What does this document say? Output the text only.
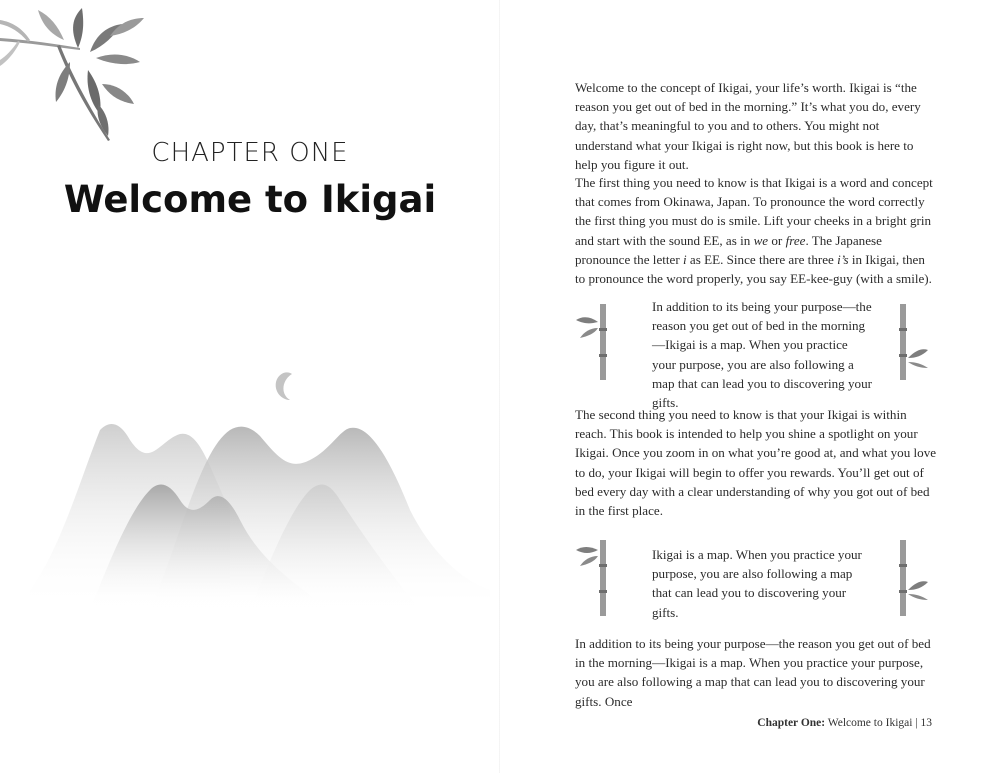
CHAPTER ONE
Welcome to Ikigai

Welcome to the concept of Ikigai, your life’s worth. Ikigai is “the reason you get out of bed in the morning.” It’s what you do, every day, that’s meaningful to you and to others. You might not understand what your Ikigai is right now, but this book is here to help you figure it out.

The first thing you need to know is that Ikigai is a word and concept that comes from Okinawa, Japan. To pronounce the word correctly the first thing you must do is smile. Lift your cheeks in a bright grin and start with the sound EE, as in we or free. The Japanese pronounce the letter i as EE. Since there are three i’s in Ikigai, then to pronounce the word properly, you say EE-kee-guy (with a smile).

In addition to its being your purpose—the reason you get out of bed in the morning—Ikigai is a map. When you practice your purpose, you are also following a map that can lead you to discovering your gifts.

The second thing you need to know is that your Ikigai is within reach. This book is intended to help you shine a spotlight on your Ikigai. Once you zoom in on what you’re good at, and what you love to do, your Ikigai will begin to offer you rewards. You’ll get out of bed every day with a clear understanding of why you got out of bed in the first place.

Ikigai is a map. When you practice your purpose, you are also following a map that can lead you to discovering your gifts.

In addition to its being your purpose—the reason you get out of bed in the morning—Ikigai is a map. When you practice your purpose, you are also following a map that can lead you to discovering your gifts. Once

Chapter One: Welcome to Ikigai | 13
